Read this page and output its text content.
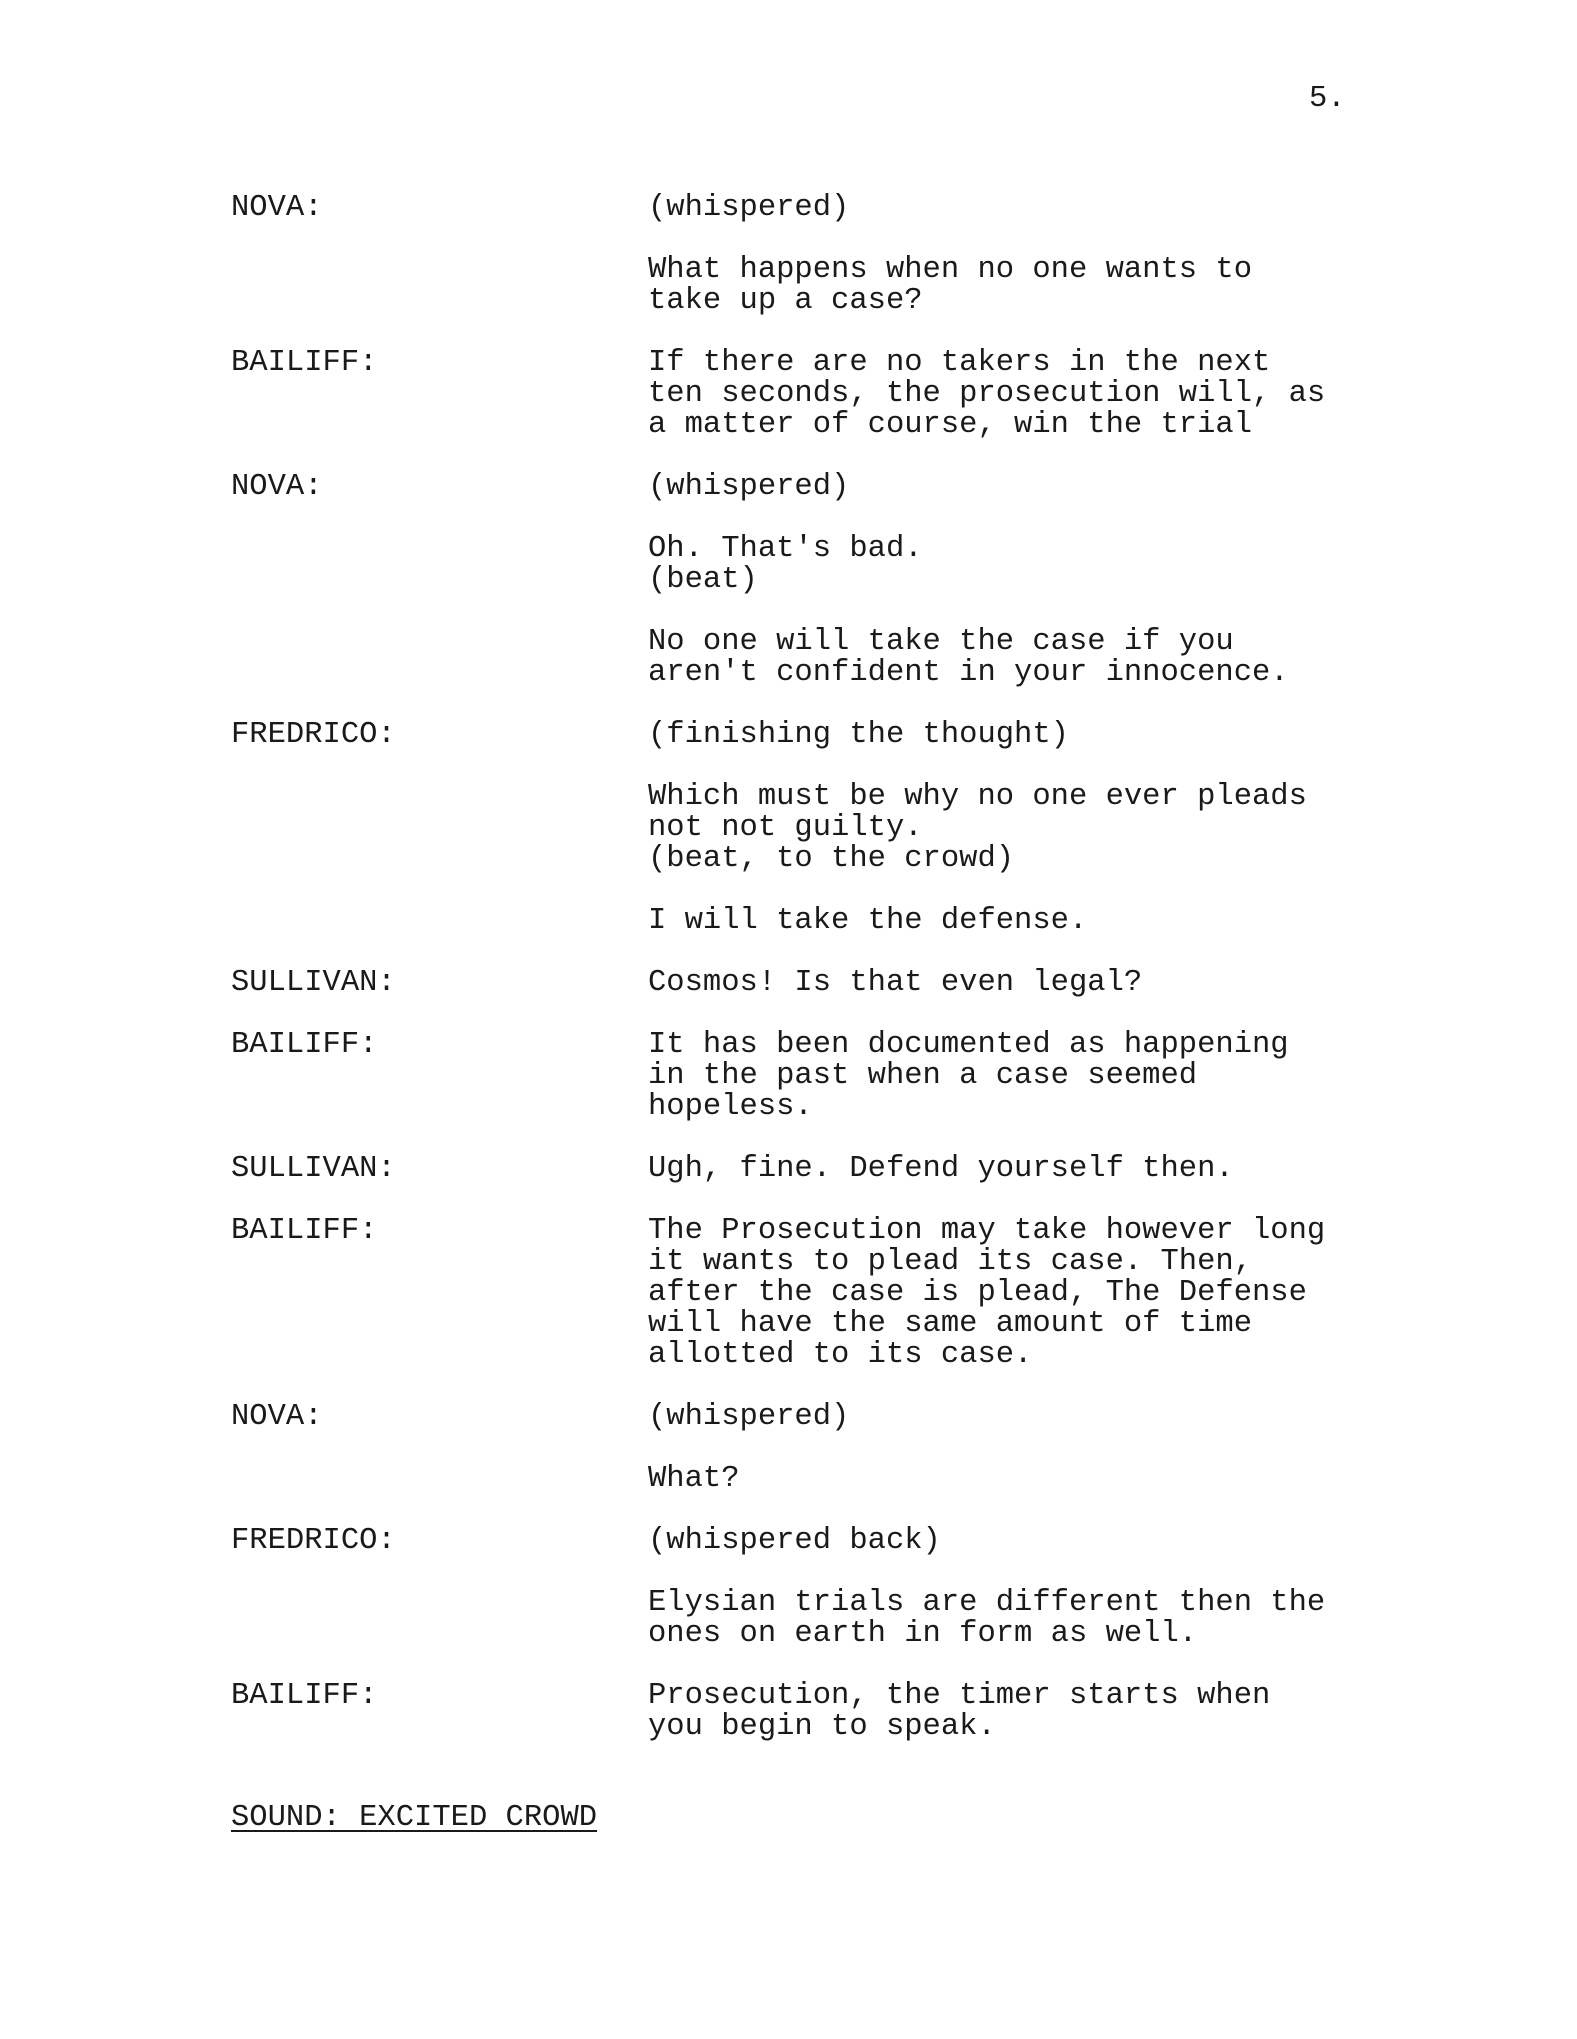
5.
NOVA:	(whispered)
What happens when no one wants to
take up a case?
BAILIFF:	If there are no takers in the next
ten seconds, the prosecution will, as
a matter of course, win the trial
NOVA:	(whispered)
Oh. That's bad.
(beat)
No one will take the case if you
aren't confident in your innocence.
FREDRICO:	(finishing the thought)
Which must be why no one ever pleads
not not guilty.
(beat, to the crowd)
I will take the defense.
SULLIVAN:	Cosmos! Is that even legal?
BAILIFF:	It has been documented as happening
in the past when a case seemed
hopeless.
SULLIVAN:	Ugh, fine. Defend yourself then.
BAILIFF:	The Prosecution may take however long
it wants to plead its case. Then,
after the case is plead, The Defense
will have the same amount of time
allotted to its case.
NOVA:	(whispered)
What?
FREDRICO:	(whispered back)
Elysian trials are different then the
ones on earth in form as well.
BAILIFF:	Prosecution, the timer starts when
you begin to speak.
SOUND: EXCITED CROWD
